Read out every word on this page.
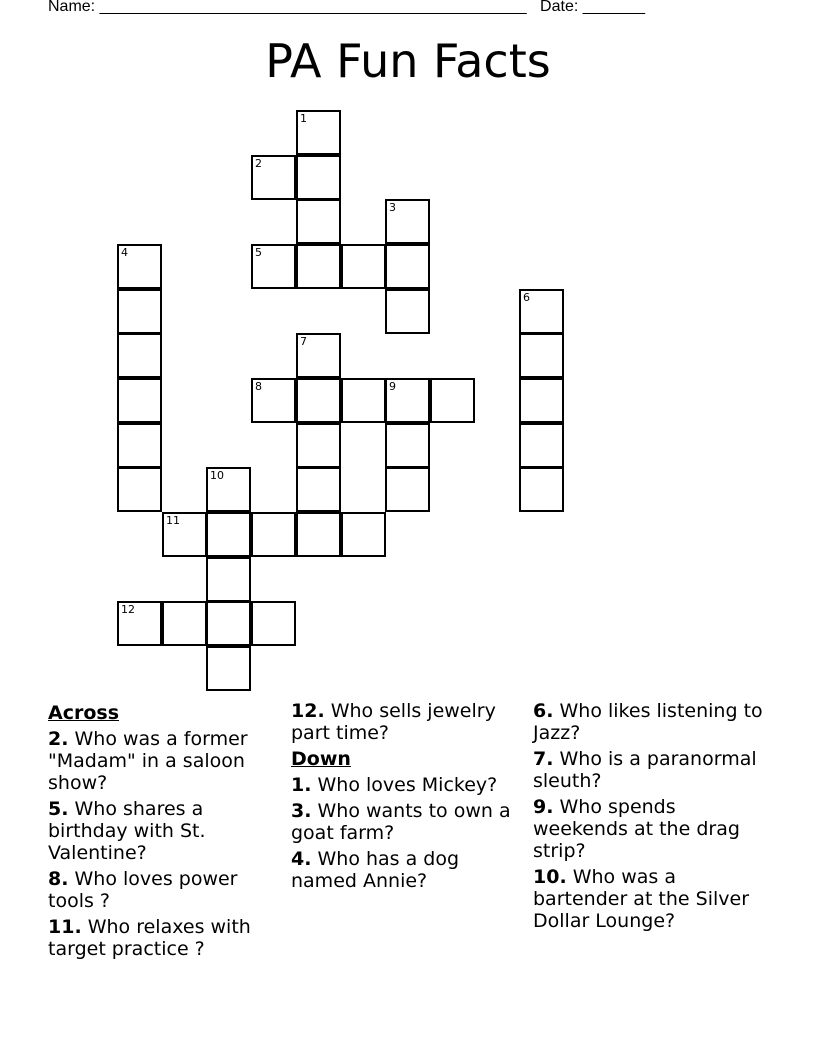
Name: ________________________________________________ Date: _______
PA Fun Facts
1
2
3
5
4
6
7
8	9
10
11
12
Across
2. Who was a former "Madam" in a saloon show?
5. Who shares a birthday with St. Valentine?
8. Who loves power tools ?
11. Who relaxes with target practice ?
12. Who sells jewelry part time?
Down
1. Who loves Mickey?
3. Who wants to own a goat farm?
4. Who has a dog named Annie?
6. Who likes listening to Jazz?
7. Who is a paranormal sleuth?
9. Who spends weekends at the drag strip?
10. Who was a bartender at the Silver Dollar Lounge?
